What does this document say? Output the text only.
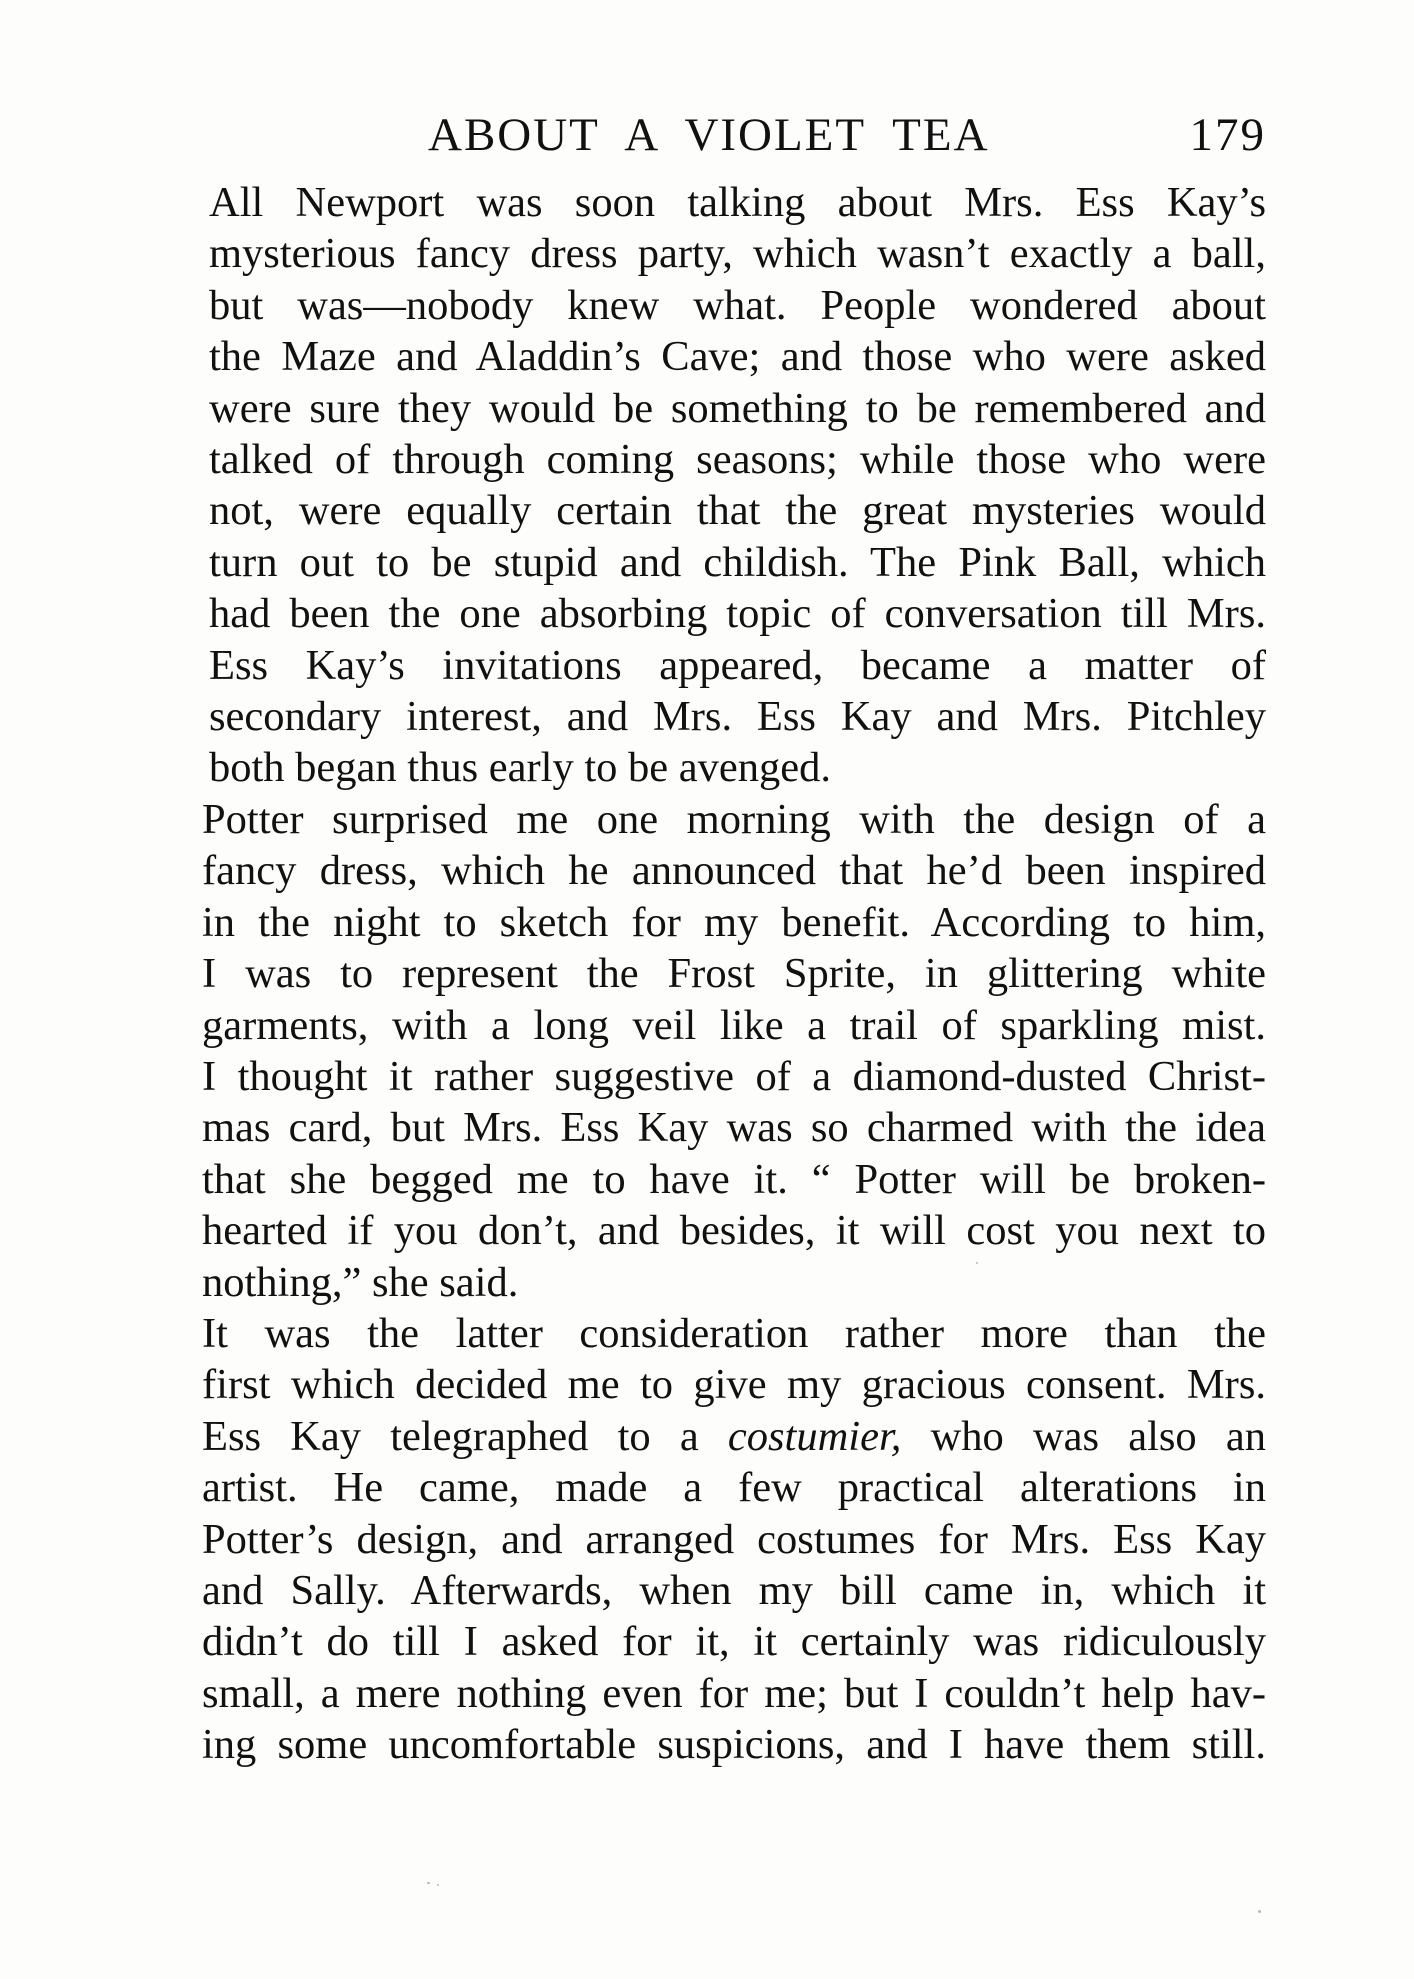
ABOUT A VIOLET TEA	179

All Newport was soon talking about Mrs. Ess Kay’s
mysterious fancy dress party, which wasn’t exactly a ball,
but was—nobody knew what. People wondered about
the Maze and Aladdin’s Cave; and those who were asked
were sure they would be something to be remembered and
talked of through coming seasons; while those who were
not, were equally certain that the great mysteries would
turn out to be stupid and childish. The Pink Ball, which
had been the one absorbing topic of conversation till Mrs.
Ess Kay’s invitations appeared, became a matter of
secondary interest, and Mrs. Ess Kay and Mrs. Pitchley
both began thus early to be avenged.

Potter surprised me one morning with the design of a
fancy dress, which he announced that he’d been inspired
in the night to sketch for my benefit. According to him,
I was to represent the Frost Sprite, in glittering white
garments, with a long veil like a trail of sparkling mist.
I thought it rather suggestive of a diamond-dusted Christ-
mas card, but Mrs. Ess Kay was so charmed with the idea
that she begged me to have it. “ Potter will be broken-
hearted if you don’t, and besides, it will cost you next to
nothing,” she said.

It was the latter consideration rather more than the
first which decided me to give my gracious consent. Mrs.
Ess Kay telegraphed to a costumier, who was also an
artist. He came, made a few practical alterations in
Potter’s design, and arranged costumes for Mrs. Ess Kay
and Sally. Afterwards, when my bill came in, which it
didn’t do till I asked for it, it certainly was ridiculously
small, a mere nothing even for me; but I couldn’t help hav-
ing some uncomfortable suspicions, and I have them still.
